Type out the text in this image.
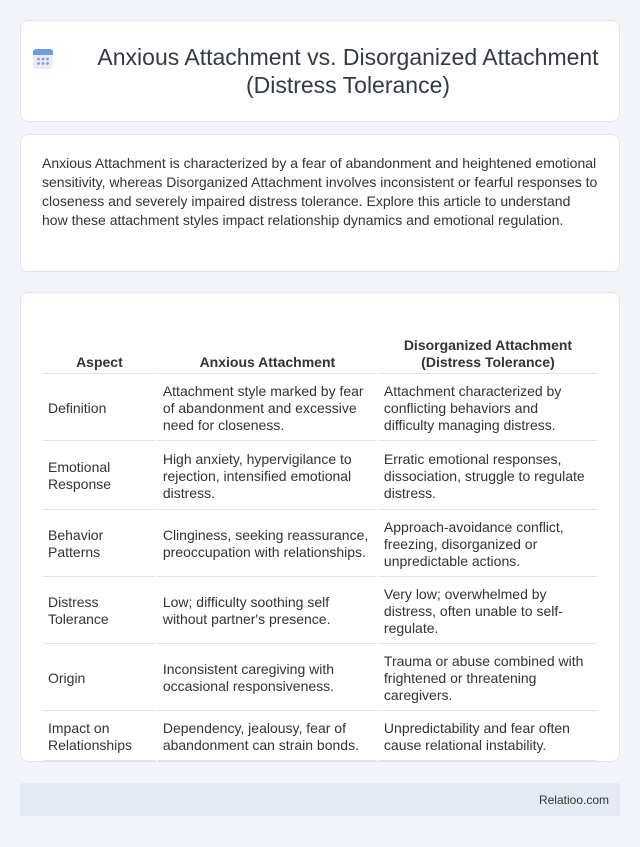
Anxious Attachment vs. Disorganized Attachment (Distress Tolerance)

Anxious Attachment is characterized by a fear of abandonment and heightened emotional sensitivity, whereas Disorganized Attachment involves inconsistent or fearful responses to closeness and severely impaired distress tolerance. Explore this article to understand how these attachment styles impact relationship dynamics and emotional regulation.

Aspect	Anxious Attachment	Disorganized Attachment (Distress Tolerance)
Definition	Attachment style marked by fear of abandonment and excessive need for closeness.	Attachment characterized by conflicting behaviors and difficulty managing distress.
Emotional Response	High anxiety, hypervigilance to rejection, intensified emotional distress.	Erratic emotional responses, dissociation, struggle to regulate distress.
Behavior Patterns	Clinginess, seeking reassurance, preoccupation with relationships.	Approach-avoidance conflict, freezing, disorganized or unpredictable actions.
Distress Tolerance	Low; difficulty soothing self without partner's presence.	Very low; overwhelmed by distress, often unable to self-regulate.
Origin	Inconsistent caregiving with occasional responsiveness.	Trauma or abuse combined with frightened or threatening caregivers.
Impact on Relationships	Dependency, jealousy, fear of abandonment can strain bonds.	Unpredictability and fear often cause relational instability.
Relatioo.com
